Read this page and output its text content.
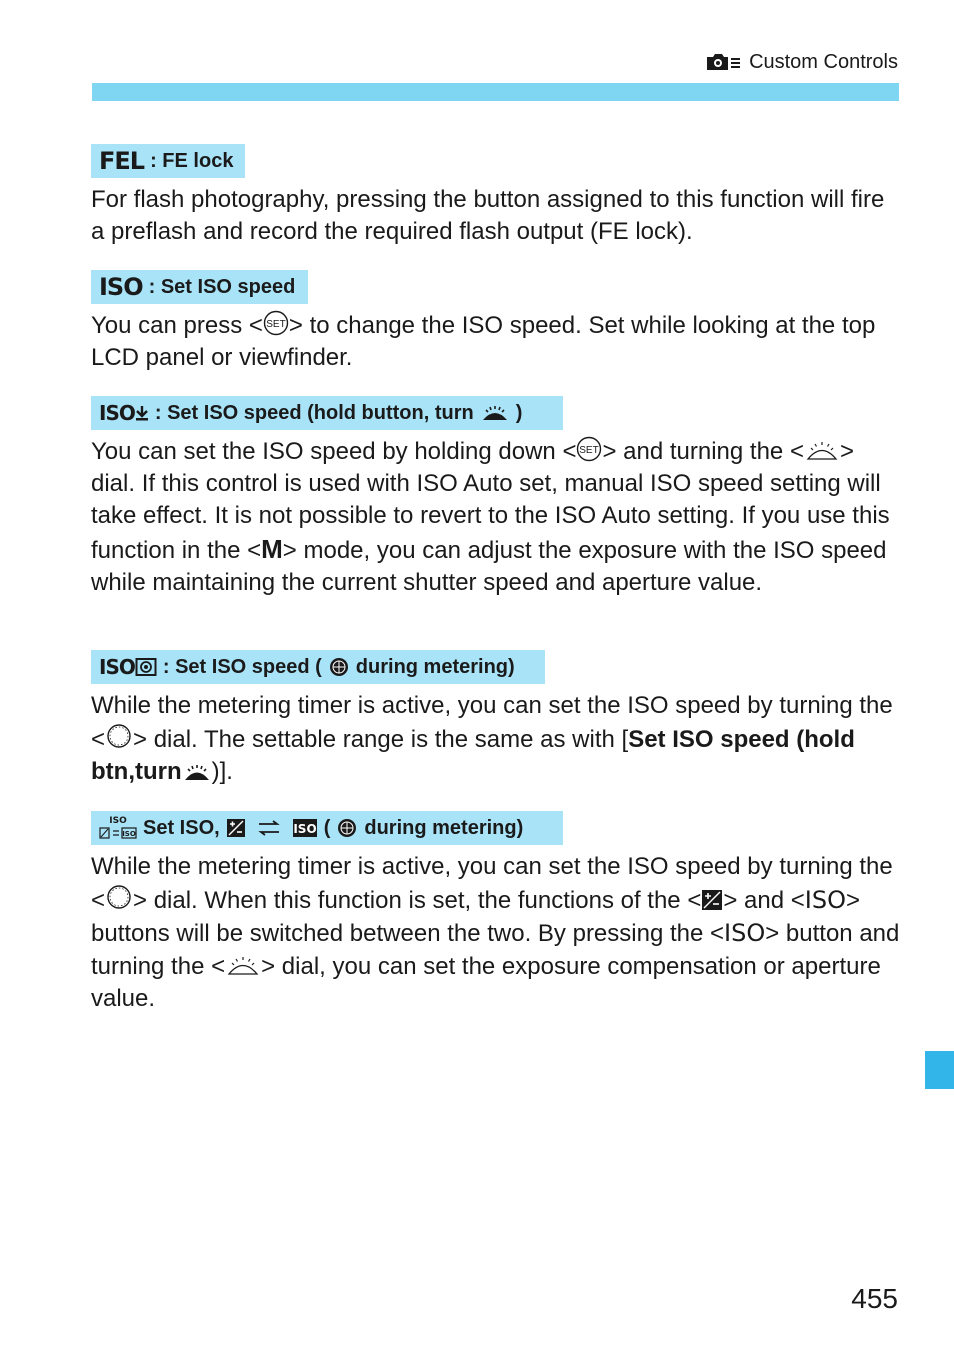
Custom Controls
FEL : FE lock

For flash photography, pressing the button assigned to this function will fire a preflash and record the required flash output (FE lock).

ISO : Set ISO speed

You can press < SET > to change the ISO speed. Set while looking at the top LCD panel or viewfinder.

ISO : Set ISO speed (hold button, turn )

You can set the ISO speed by holding down < SET > and turning the < > dial. If this control is used with ISO Auto set, manual ISO speed setting will take effect. It is not possible to revert to the ISO Auto setting. If you use this function in the <M> mode, you can adjust the exposure with the ISO speed while maintaining the current shutter speed and aperture value.

ISO : Set ISO speed ( during metering)

While the metering timer is active, you can set the ISO speed by turning the < > dial. The settable range is the same as with [Set ISO speed (hold btn,turn )].

ISO
ISO Set ISO,	ISO ( during metering)

While the metering timer is active, you can set the ISO speed by turning the < > dial. When this function is set, the functions of the < > and <ISO> buttons will be switched between the two. By pressing the <ISO> button and turning the < > dial, you can set the exposure compensation or aperture value.

455
